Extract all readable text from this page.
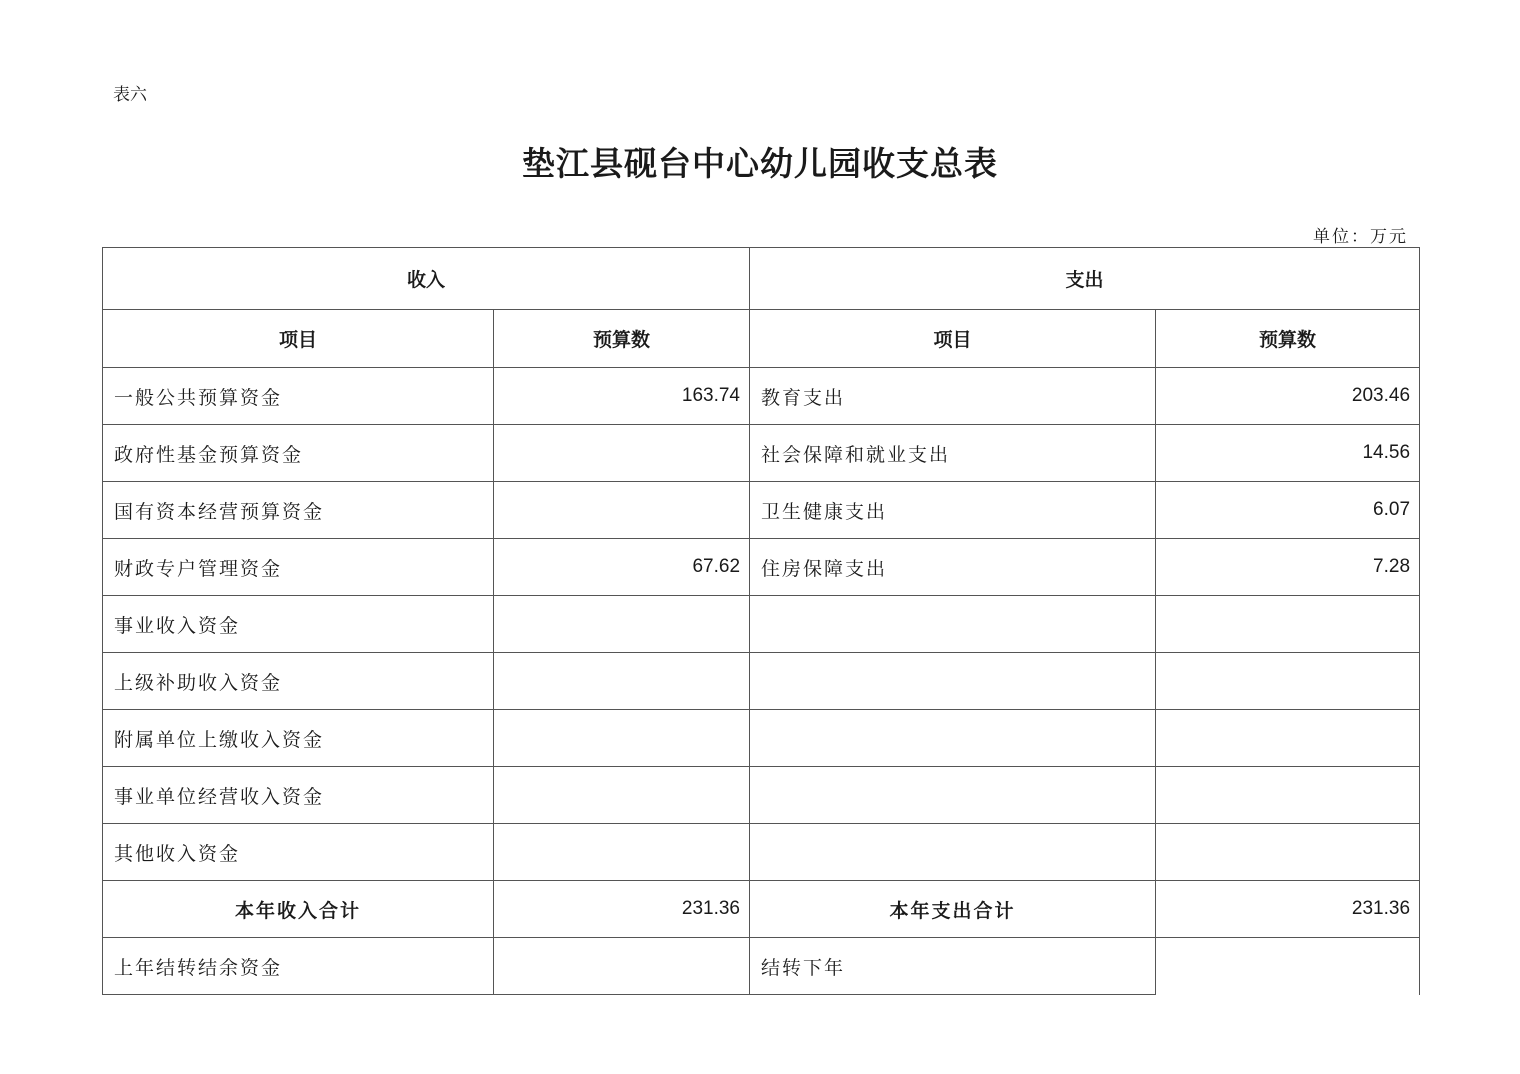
表六
垫江县砚台中心幼儿园收支总表
单位：万元
收入		支出	
项目	预算数	项目	预算数
一般公共预算资金	163.74	教育支出	203.46
政府性基金预算资金		社会保障和就业支出	14.56
国有资本经营预算资金		卫生健康支出	6.07
财政专户管理资金	67.62	住房保障支出	7.28
事业收入资金			
上级补助收入资金			
附属单位上缴收入资金			
事业单位经营收入资金			
其他收入资金			
本年收入合计	231.36	本年支出合计	231.36
上年结转结余资金		结转下年	
